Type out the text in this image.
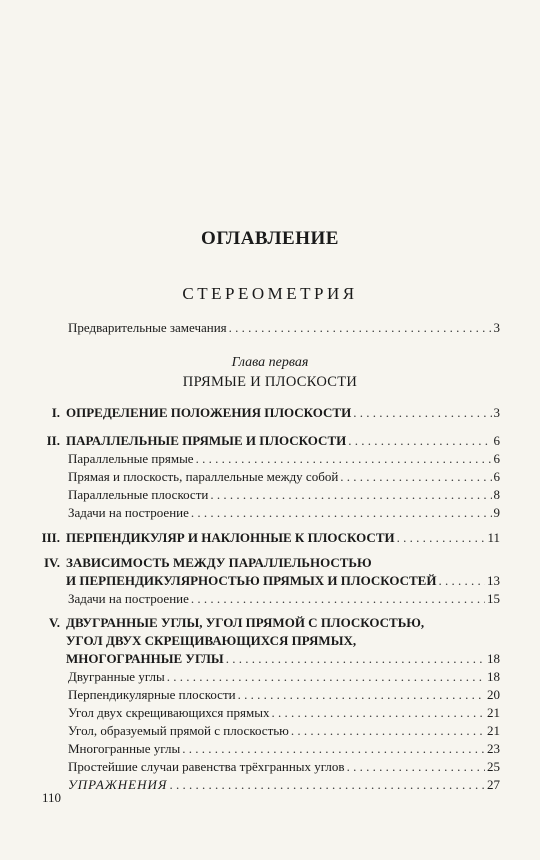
ОГЛАВЛЕНИЕ
СТЕРЕОМЕТРИЯ
Предварительные замечания . . .	3
Глава первая
ПРЯМЫЕ И ПЛОСКОСТИ
I. ОПРЕДЕЛЕНИЕ ПОЛОЖЕНИЯ ПЛОСКОСТИ . . .	3
II. ПАРАЛЛЕЛЬНЫЕ ПРЯМЫЕ И ПЛОСКОСТИ . . .	6
Параллельные прямые . . .	6
Прямая и плоскость, параллельные между собой . . .	6
Параллельные плоскости . . .	8
Задачи на построение . . .	9
III. ПЕРПЕНДИКУЛЯР И НАКЛОННЫЕ К ПЛОСКОСТИ . . .	11
IV. ЗАВИСИМОСТЬ МЕЖДУ ПАРАЛЛЕЛЬНОСТЬЮ
И ПЕРПЕНДИКУЛЯРНОСТЬЮ ПРЯМЫХ И ПЛОСКОСТЕЙ . . .	13
Задачи на построение . . .	15
V. ДВУГРАННЫЕ УГЛЫ, УГОЛ ПРЯМОЙ С ПЛОСКОСТЬЮ,
УГОЛ ДВУХ СКРЕЩИВАЮЩИХСЯ ПРЯМЫХ,
МНОГОГРАННЫЕ УГЛЫ . . .	18
Двугранные углы . . .	18
Перпендикулярные плоскости . . .	20
Угол двух скрещивающихся прямых . . .	21
Угол, образуемый прямой с плоскостью . . .	21
Многогранные углы . . .	23
Простейшие случаи равенства трёхгранных углов . . .	25
УПРАЖНЕНИЯ . . .	27
110
